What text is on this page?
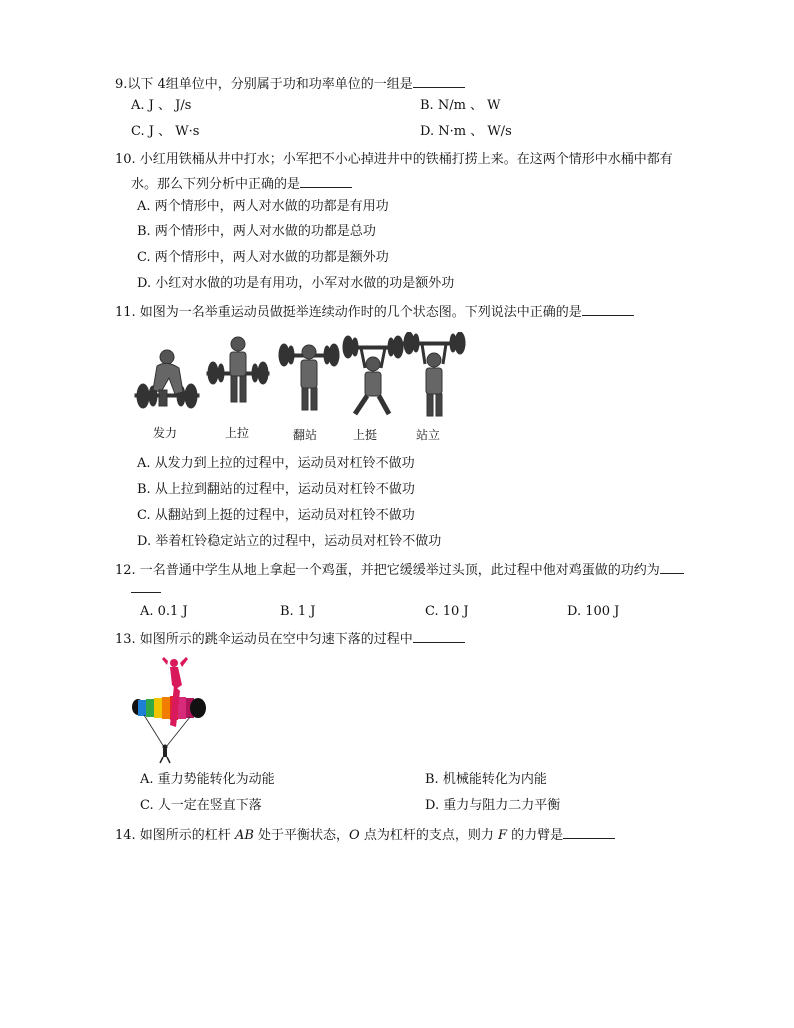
9.以下 4组单位中，分别属于功和功率单位的一组是
A. J 、 J/s	B. N/m 、 W
C. J 、 W·s	D. N·m 、 W/s
10. 小红用铁桶从井中打水；小军把不小心掉进井中的铁桶打捞上来。在这两个情形中水桶中都有
水。那么下列分析中正确的是
A. 两个情形中，两人对水做的功都是有用功
B. 两个情形中，两人对水做的功都是总功
C. 两个情形中，两人对水做的功都是额外功
D. 小红对水做的功是有用功，小军对水做的功是额外功
11. 如图为一名举重运动员做挺举连续动作时的几个状态图。下列说法中正确的是
发力	上拉	翻站	上挺	站立
A. 从发力到上拉的过程中，运动员对杠铃不做功
B. 从上拉到翻站的过程中，运动员对杠铃不做功
C. 从翻站到上挺的过程中，运动员对杠铃不做功
D. 举着杠铃稳定站立的过程中，运动员对杠铃不做功
12. 一名普通中学生从地上拿起一个鸡蛋，并把它缓缓举过头顶，此过程中他对鸡蛋做的功约为
A. 0.1 J	B. 1 J	C. 10 J	D. 100 J
13. 如图所示的跳伞运动员在空中匀速下落的过程中
A. 重力势能转化为动能	B. 机械能转化为内能
C. 人一定在竖直下落	D. 重力与阻力二力平衡
14. 如图所示的杠杆 AB 处于平衡状态，O 点为杠杆的支点，则力 F 的力臂是
